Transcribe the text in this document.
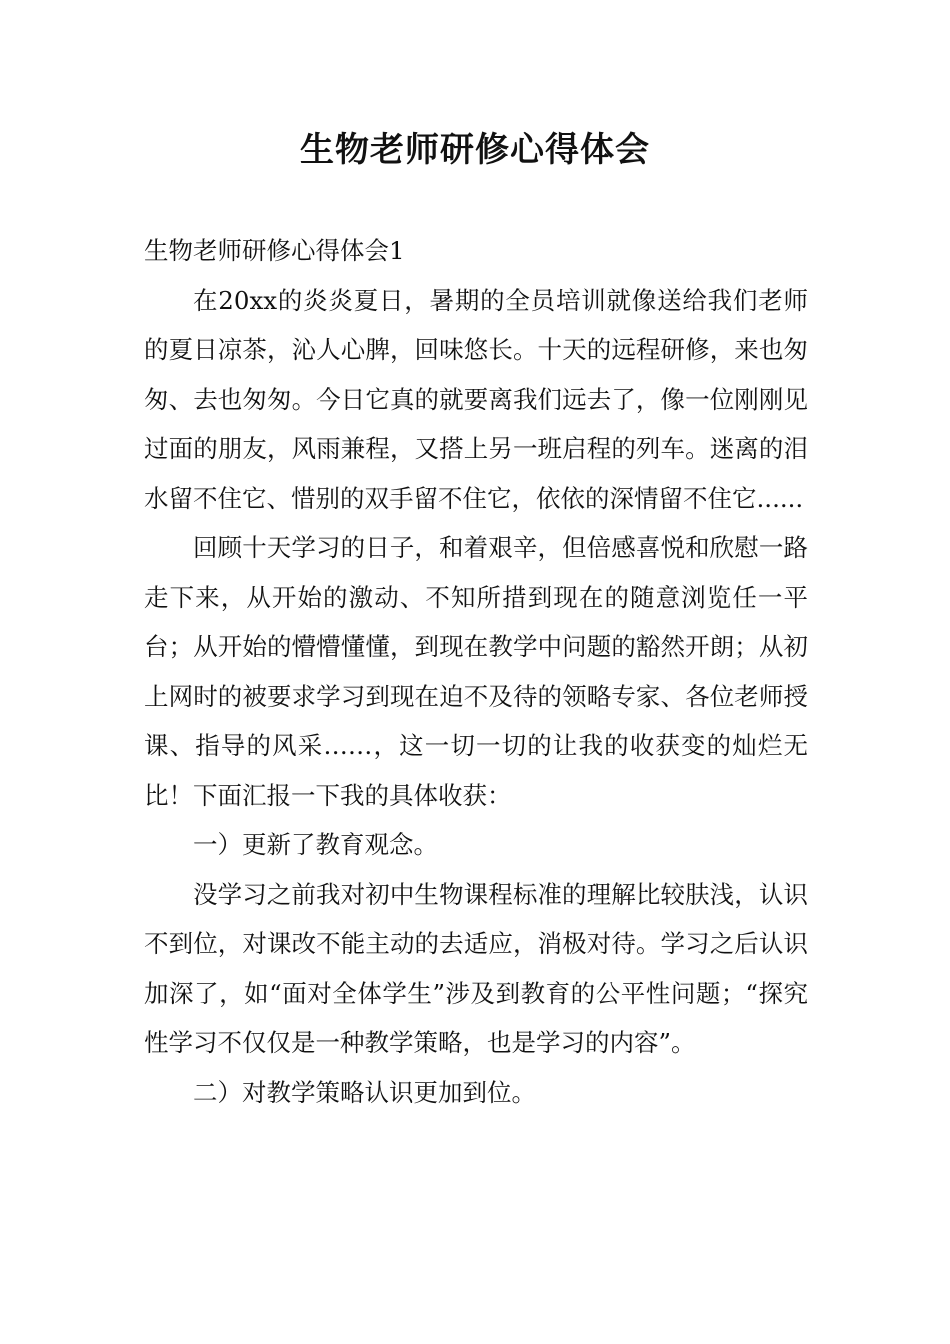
生物老师研修心得体会

生物老师研修心得体会1

在20xx的炎炎夏日，暑期的全员培训就像送给我们老师的夏日凉茶，沁人心脾，回味悠长。十天的远程研修，来也匆匆、去也匆匆。今日它真的就要离我们远去了，像一位刚刚见过面的朋友，风雨兼程，又搭上另一班启程的列车。迷离的泪水留不住它、惜别的双手留不住它，依依的深情留不住它......

回顾十天学习的日子，和着艰辛，但倍感喜悦和欣慰一路走下来，从开始的激动、不知所措到现在的随意浏览任一平台；从开始的懵懵懂懂，到现在教学中问题的豁然开朗；从初上网时的被要求学习到现在迫不及待的领略专家、各位老师授课、指导的风采……，这一切一切的让我的收获变的灿烂无比！下面汇报一下我的具体收获：

一）更新了教育观念。

没学习之前我对初中生物课程标准的理解比较肤浅，认识不到位，对课改不能主动的去适应，消极对待。学习之后认识加深了，如“面对全体学生”涉及到教育的公平性问题；“探究性学习不仅仅是一种教学策略，也是学习的内容”。

二）对教学策略认识更加到位。
